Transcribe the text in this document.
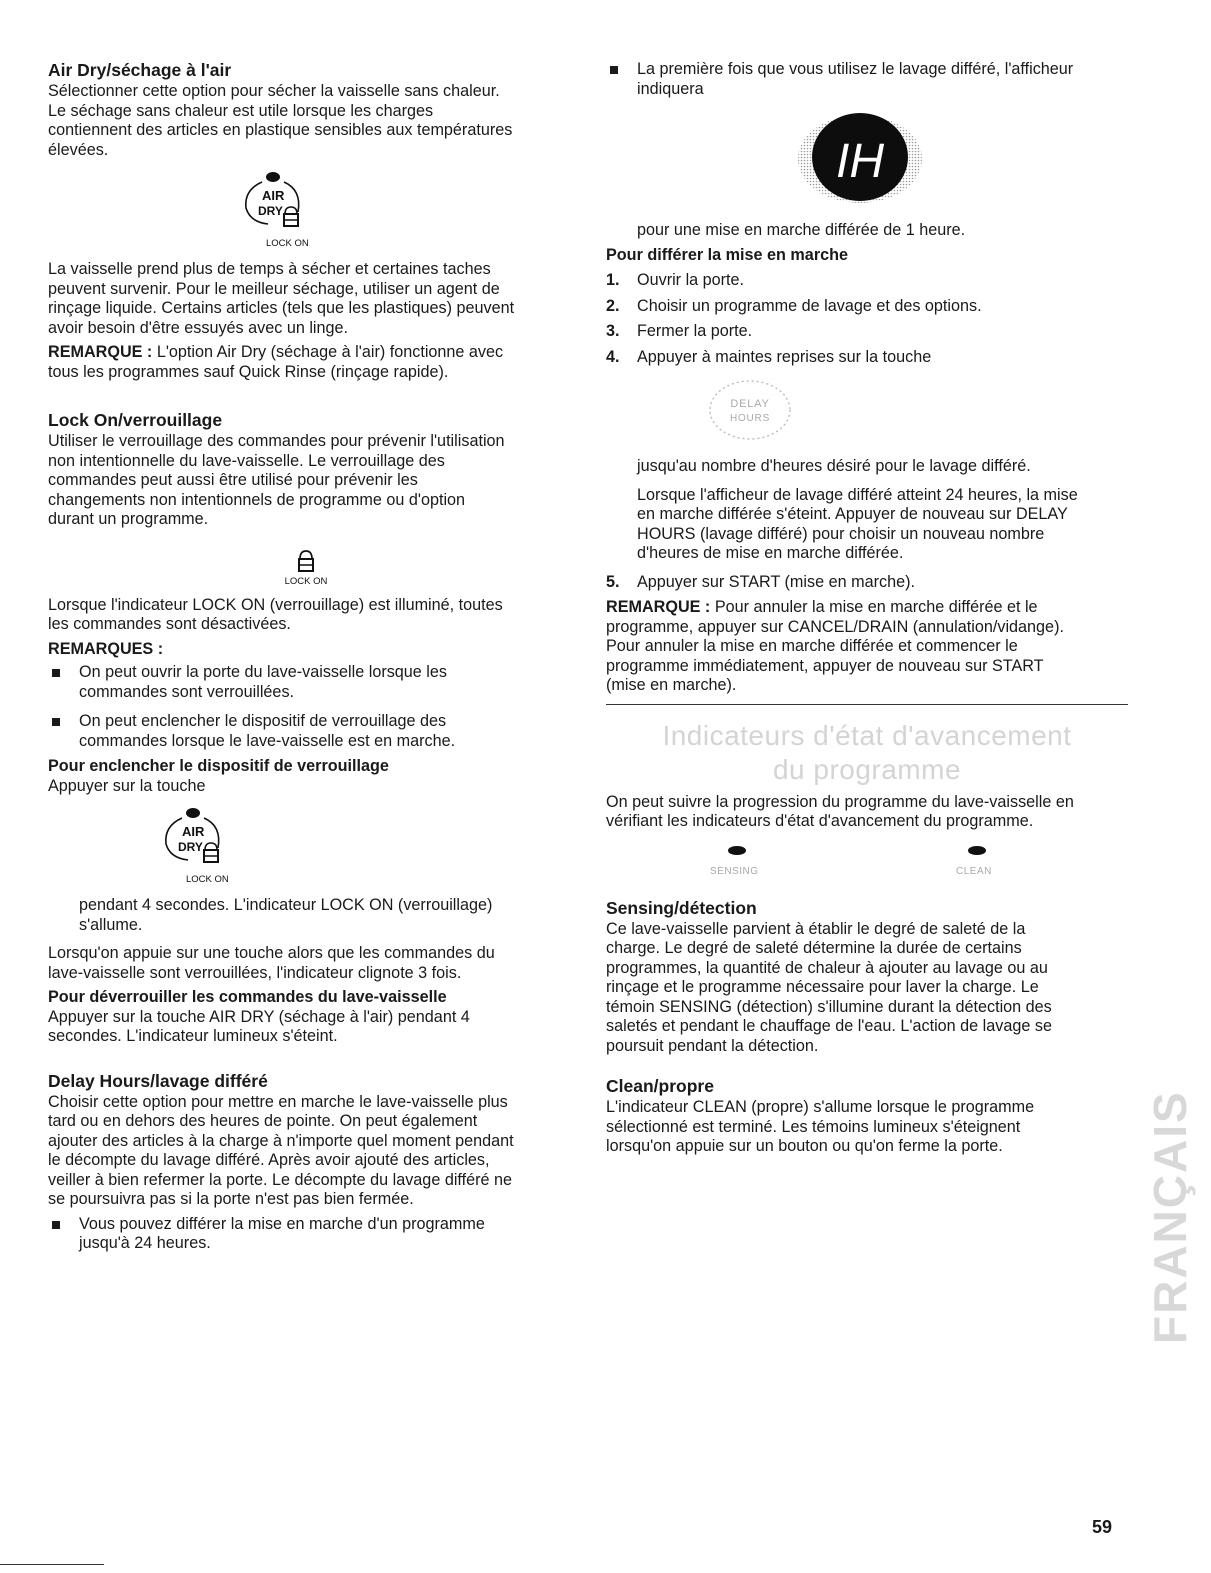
Air Dry/séchage à l'air

Sélectionner cette option pour sécher la vaisselle sans chaleur.
Le séchage sans chaleur est utile lorsque les charges
contiennent des articles en plastique sensibles aux températures
élevées.

AIR
DRY
LOCK ON

La vaisselle prend plus de temps à sécher et certaines taches
peuvent survenir. Pour le meilleur séchage, utiliser un agent de
rinçage liquide. Certains articles (tels que les plastiques) peuvent
avoir besoin d'être essuyés avec un linge.

REMARQUE : L'option Air Dry (séchage à l'air) fonctionne avec
tous les programmes sauf Quick Rinse (rinçage rapide).

Lock On/verrouillage

Utiliser le verrouillage des commandes pour prévenir l'utilisation
non intentionnelle du lave-vaisselle. Le verrouillage des
commandes peut aussi être utilisé pour prévenir les
changements non intentionnels de programme ou d'option
durant un programme.

LOCK ON

Lorsque l'indicateur LOCK ON (verrouillage) est illuminé, toutes
les commandes sont désactivées.

REMARQUES :

On peut ouvrir la porte du lave-vaisselle lorsque les
commandes sont verrouillées.
On peut enclencher le dispositif de verrouillage des
commandes lorsque le lave-vaisselle est en marche.
Pour enclencher le dispositif de verrouillage

Appuyer sur la touche

AIR
DRY
LOCK ON

pendant 4 secondes. L'indicateur LOCK ON (verrouillage)
s'allume.

Lorsqu'on appuie sur une touche alors que les commandes du
lave-vaisselle sont verrouillées, l'indicateur clignote 3 fois.

Pour déverrouiller les commandes du lave-vaisselle

Appuyer sur la touche AIR DRY (séchage à l'air) pendant 4
secondes. L'indicateur lumineux s'éteint.

Delay Hours/lavage différé

Choisir cette option pour mettre en marche le lave-vaisselle plus
tard ou en dehors des heures de pointe. On peut également
ajouter des articles à la charge à n'importe quel moment pendant
le décompte du lavage différé. Après avoir ajouté des articles,
veiller à bien refermer la porte. Le décompte du lavage différé ne
se poursuivra pas si la porte n'est pas bien fermée.

Vous pouvez différer la mise en marche d'un programme
jusqu'à 24 heures.
La première fois que vous utilisez le lavage différé, l'afficheur
indiquera
IH

pour une mise en marche différée de 1 heure.

Pour différer la mise en marche
1. Ouvrir la porte.
2. Choisir un programme de lavage et des options.
3. Fermer la porte.
4. Appuyer à maintes reprises sur la touche
DELAY
HOURS

jusqu'au nombre d'heures désiré pour le lavage différé.

Lorsque l'afficheur de lavage différé atteint 24 heures, la mise
en marche différée s'éteint. Appuyer de nouveau sur DELAY
HOURS (lavage différé) pour choisir un nouveau nombre
d'heures de mise en marche différée.

5. Appuyer sur START (mise en marche).

REMARQUE : Pour annuler la mise en marche différée et le
programme, appuyer sur CANCEL/DRAIN (annulation/vidange).
Pour annuler la mise en marche différée et commencer le
programme immédiatement, appuyer de nouveau sur START
(mise en marche).

Indicateurs d'état d'avancement
du programme

On peut suivre la progression du programme du lave-vaisselle en
vérifiant les indicateurs d'état d'avancement du programme.

SENSING	CLEAN
Sensing/détection

Ce lave-vaisselle parvient à établir le degré de saleté de la
charge. Le degré de saleté détermine la durée de certains
programmes, la quantité de chaleur à ajouter au lavage ou au
rinçage et le programme nécessaire pour laver la charge. Le
témoin SENSING (détection) s'illumine durant la détection des
saletés et pendant le chauffage de l'eau. L'action de lavage se
poursuit pendant la détection.

Clean/propre

L'indicateur CLEAN (propre) s'allume lorsque le programme
sélectionné est terminé. Les témoins lumineux s'éteignent
lorsqu'on appuie sur un bouton ou qu'on ferme la porte.	FRANÇAIS
59
